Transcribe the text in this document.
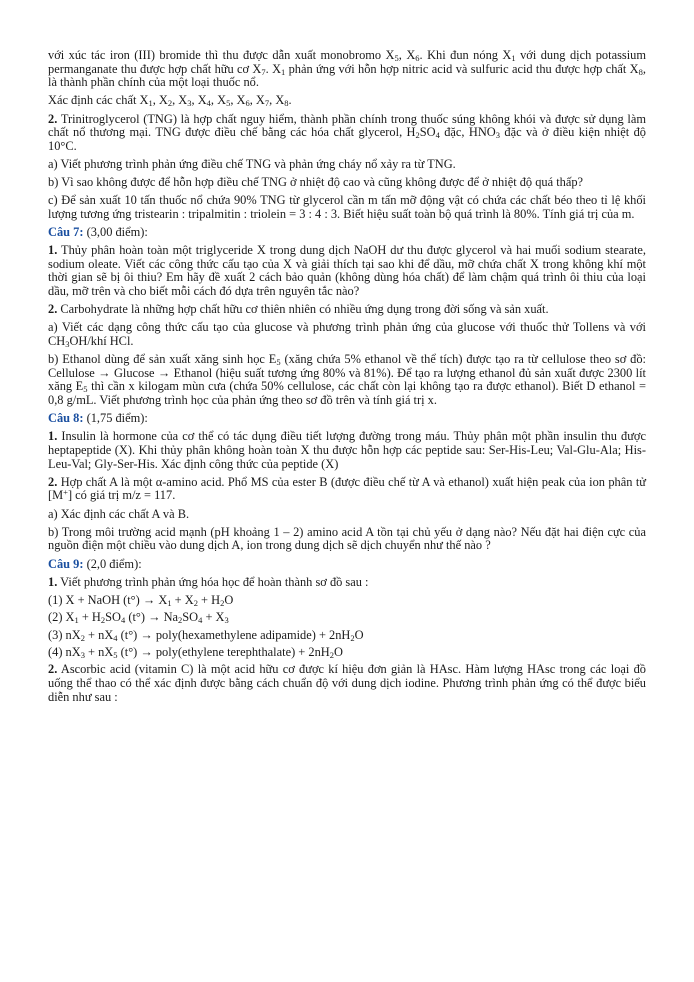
với xúc tác iron (III) bromide thì thu được dẫn xuất monobromo $X_5$, $X_6$. Khi đun nóng $X_1$ với dung dịch potassium permanganate thu được hợp chất hữu cơ $X_7$. $X_1$ phản ứng với hỗn hợp nitric acid và sulfuric acid thu được hợp chất $X_8$, là thành phần chính của một loại thuốc nổ.

Xác định các chất $X_1$, $X_2$, $X_3$, $X_4$, $X_5$, $X_6$, $X_7$, $X_8$.

2. Trinitroglycerol (TNG) là hợp chất nguy hiểm, thành phần chính trong thuốc súng không khói và được sử dụng làm chất nổ thương mại. TNG được điều chế bằng các hóa chất glycerol, $H_2SO_4$ đặc, $HNO_3$ đặc và ở điều kiện nhiệt độ 10°C.

a) Viết phương trình phản ứng điều chế TNG và phản ứng cháy nổ xảy ra từ TNG.

b) Vì sao không được để hỗn hợp điều chế TNG ở nhiệt độ cao và cũng không được để ở nhiệt độ quá thấp?

c) Để sản xuất 10 tấn thuốc nổ chứa 90% TNG từ glycerol cần m tấn mỡ động vật có chứa các chất béo theo tỉ lệ khối lượng tương ứng tristearin : tripalmitin : triolein = 3 : 4 : 3. Biết hiệu suất toàn bộ quá trình là 80%. Tính giá trị của m.

Câu 7: (3,00 điểm):

1. Thủy phân hoàn toàn một triglyceride X trong dung dịch NaOH dư thu được glycerol và hai muối sodium stearate, sodium oleate. Viết các công thức cấu tạo của X và giải thích tại sao khi để dầu, mỡ chứa chất X trong không khí một thời gian sẽ bị ôi thiu? Em hãy đề xuất 2 cách bảo quản (không dùng hóa chất) để làm chậm quá trình ôi thiu của loại dầu, mỡ trên và cho biết mỗi cách đó dựa trên nguyên tắc nào?

2. Carbohydrate là những hợp chất hữu cơ thiên nhiên có nhiều ứng dụng trong đời sống và sản xuất.

a) Viết các dạng công thức cấu tạo của glucose và phương trình phản ứng của glucose với thuốc thử Tollens và với $CH_3OH$/khí HCl.

b) Ethanol dùng để sản xuất xăng sinh học $E_5$ (xăng chứa 5% ethanol về thể tích) được tạo ra từ cellulose theo sơ đồ: Cellulose → Glucose → Ethanol (hiệu suất tương ứng 80% và 81%). Để tạo ra lượng ethanol đủ sản xuất được 2300 lít xăng $E_5$ thì cần x kilogam mùn cưa (chứa 50% cellulose, các chất còn lại không tạo ra được ethanol). Biết D ethanol = 0,8 g/mL. Viết phương trình học của phản ứng theo sơ đồ trên và tính giá trị x.

Câu 8: (1,75 điểm):

1. Insulin là hormone của cơ thể có tác dụng điều tiết lượng đường trong máu. Thủy phân một phần insulin thu được heptapeptide (X). Khi thủy phân không hoàn toàn X thu được hỗn hợp các peptide sau: Ser-His-Leu; Val-Glu-Ala; His-Leu-Val; Gly-Ser-His. Xác định công thức của peptide (X)

2. Hợp chất A là một α-amino acid. Phổ MS của ester B (được điều chế từ A và ethanol) xuất hiện peak của ion phân tử [M+] có giá trị m/z = 117.

a) Xác định các chất A và B.

b) Trong môi trường acid mạnh (pH khoảng 1 – 2) amino acid A tồn tại chủ yếu ở dạng nào? Nếu đặt hai điện cực của nguồn điện một chiều vào dung dịch A, ion trong dung dịch sẽ dịch chuyển như thế nào ?

Câu 9: (2,0 điểm):

1. Viết phương trình phản ứng hóa học để hoàn thành sơ đồ sau :

(1) X + NaOH $(t^\circ) \to X_1 + X_2 + H_2O$

(2) $X_1 + H_2SO_4$ $(t^\circ) \to Na_2SO_4 + X_3$

(3) $nX_2 + nX_4$ (t°) → poly(hexamethylene adipamide) + $2nH_2O$

(4) $nX_3 + nX_5$ (t°) → poly(ethylene terephthalate) + $2nH_2O$

2. Ascorbic acid (vitamin C) là một acid hữu cơ được kí hiệu đơn giản là HAsc. Hàm lượng HAsc trong các loại đồ uống thể thao có thể xác định được bằng cách chuẩn độ với dung dịch iodine. Phương trình phản ứng có thể được biểu diễn như sau :
